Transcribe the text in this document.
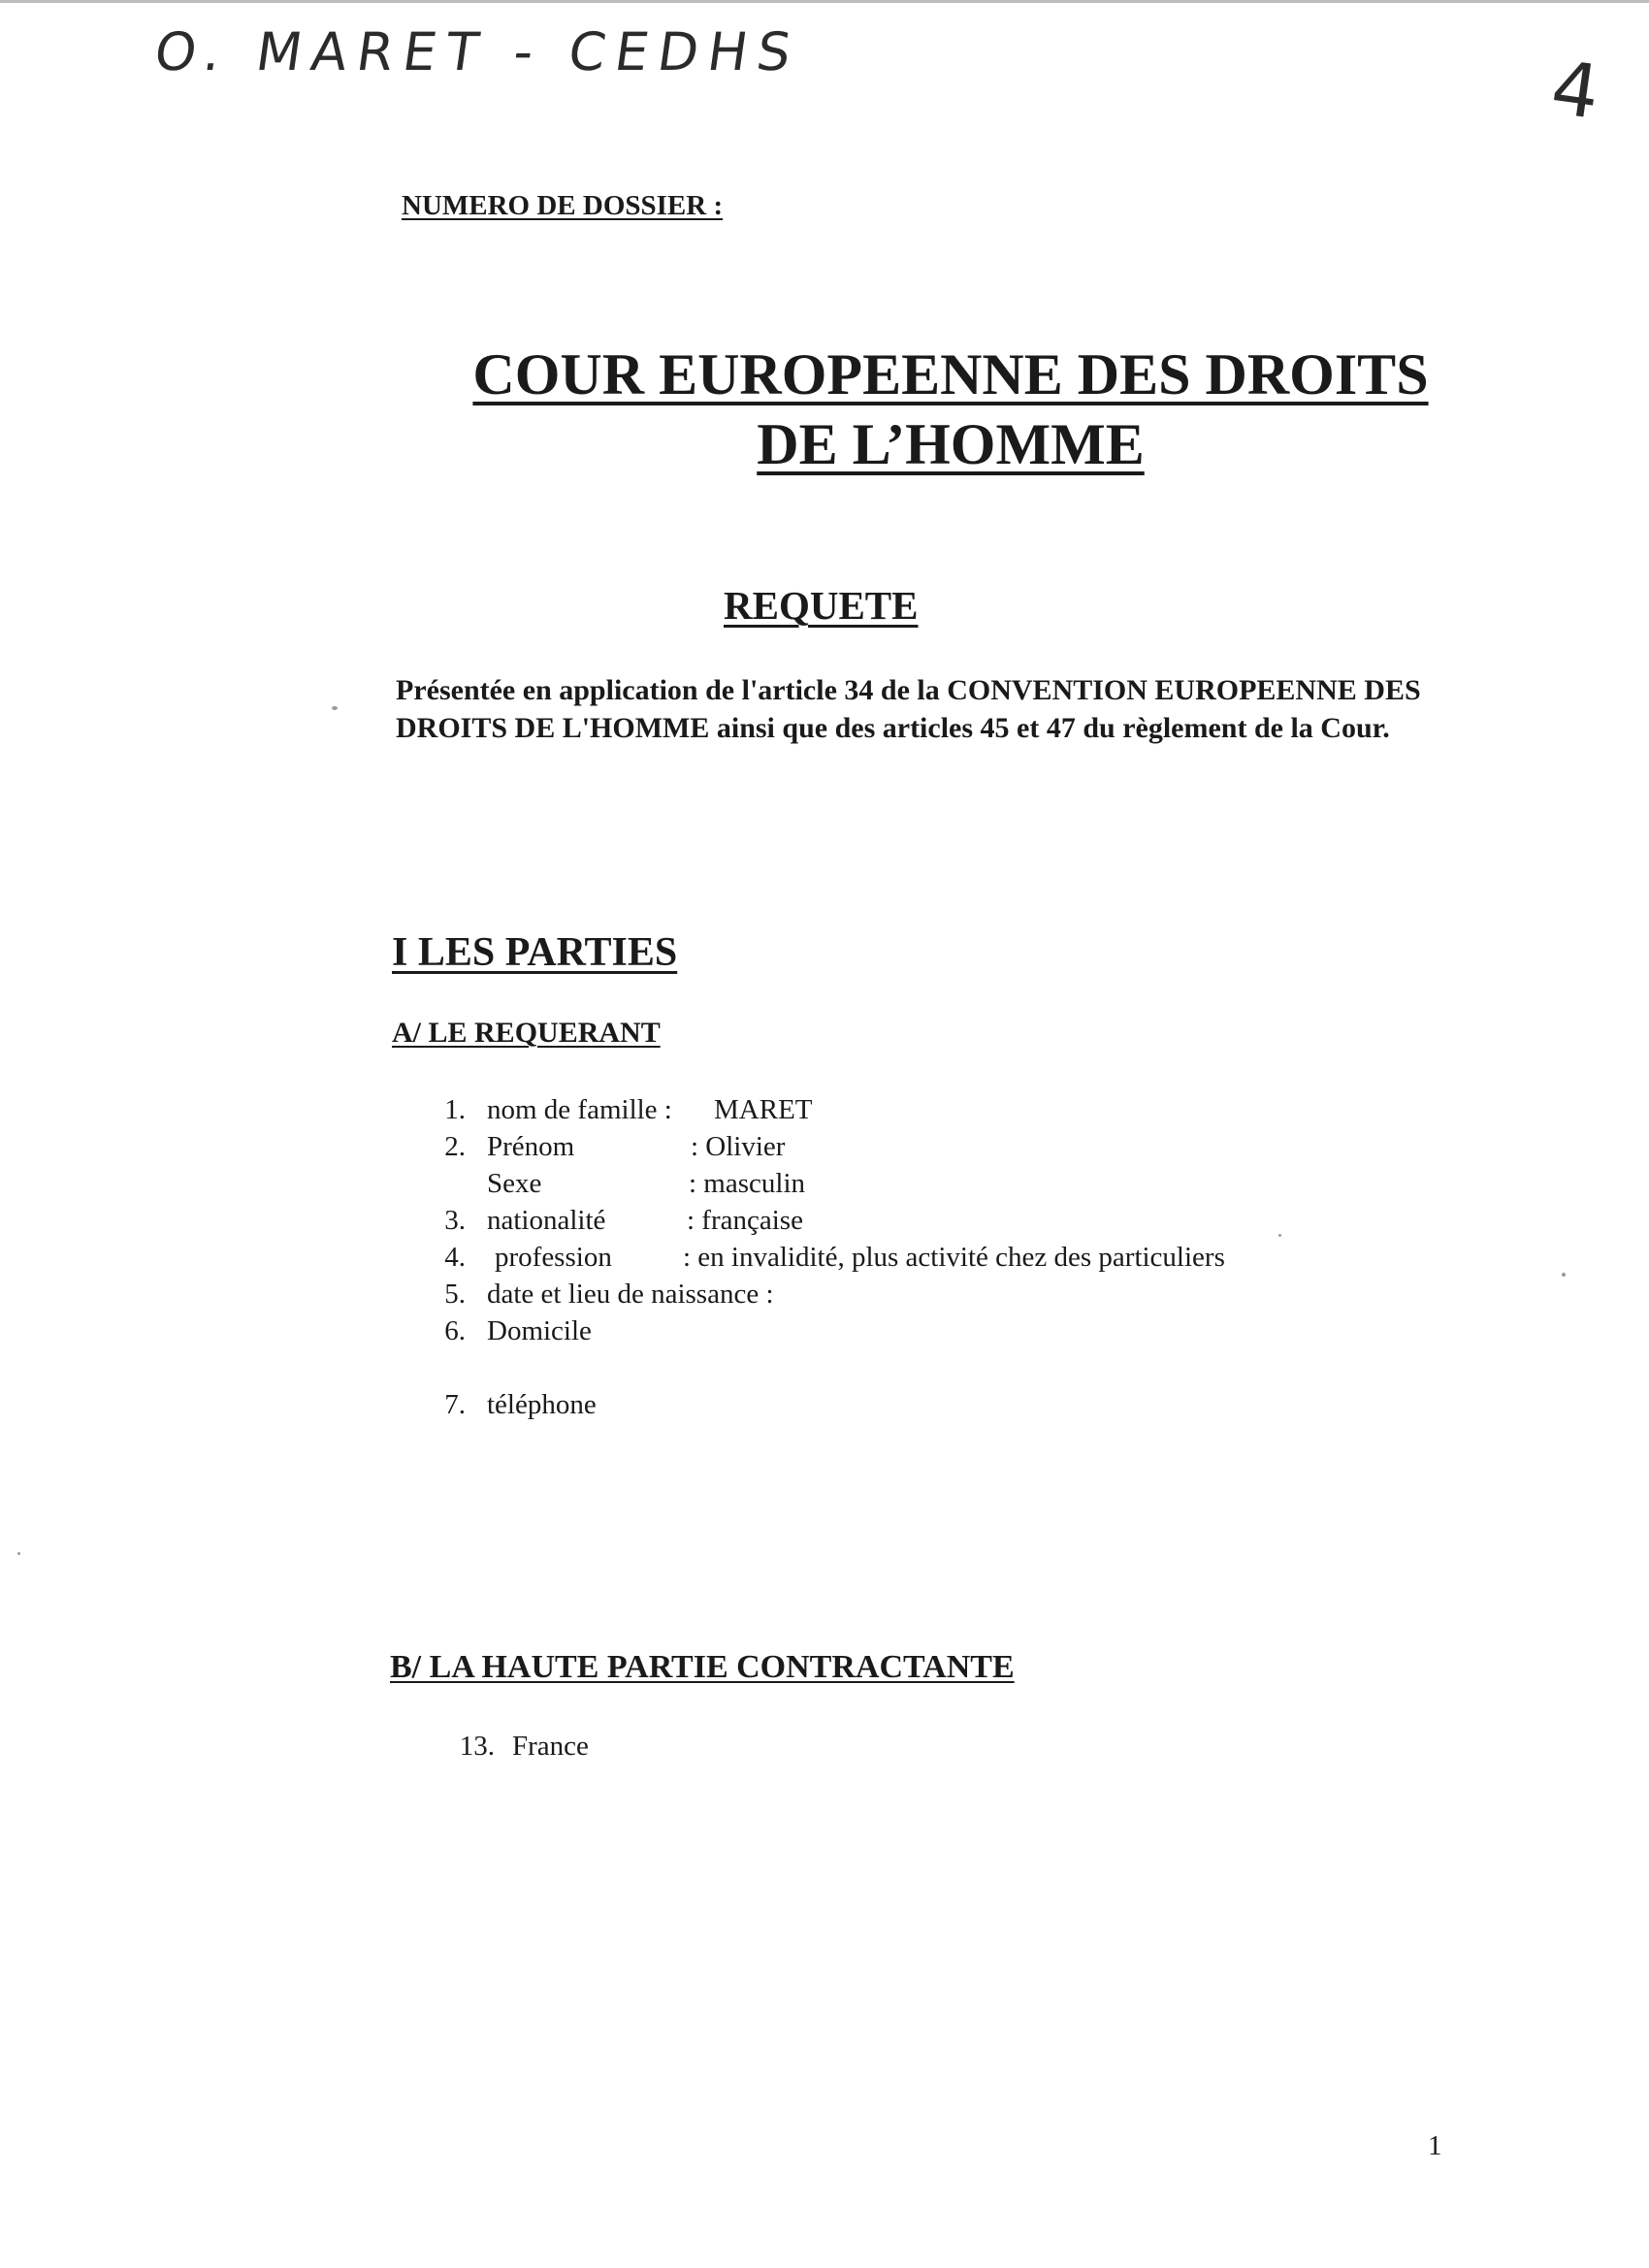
O. MARET - CEDHS	4
NUMERO DE DOSSIER :
COUR EUROPEENNE DES DROITS
DE L’HOMME
REQUETE

Présentée en application de l'article 34 de la CONVENTION EUROPEENNE DES DROITS DE L'HOMME ainsi que des articles 45 et 47 du règlement de la Cour.

I LES PARTIES
A/ LE REQUERANT
1. nom de famille : MARET
2. Prénom	: Olivier
Sexe	: masculin
3. nationalité	: française
4. profession	: en invalidité, plus activité chez des particuliers
5. date et lieu de naissance :
6. Domicile
7. téléphone
B/ LA HAUTE PARTIE CONTRACTANTE
13. France
1
